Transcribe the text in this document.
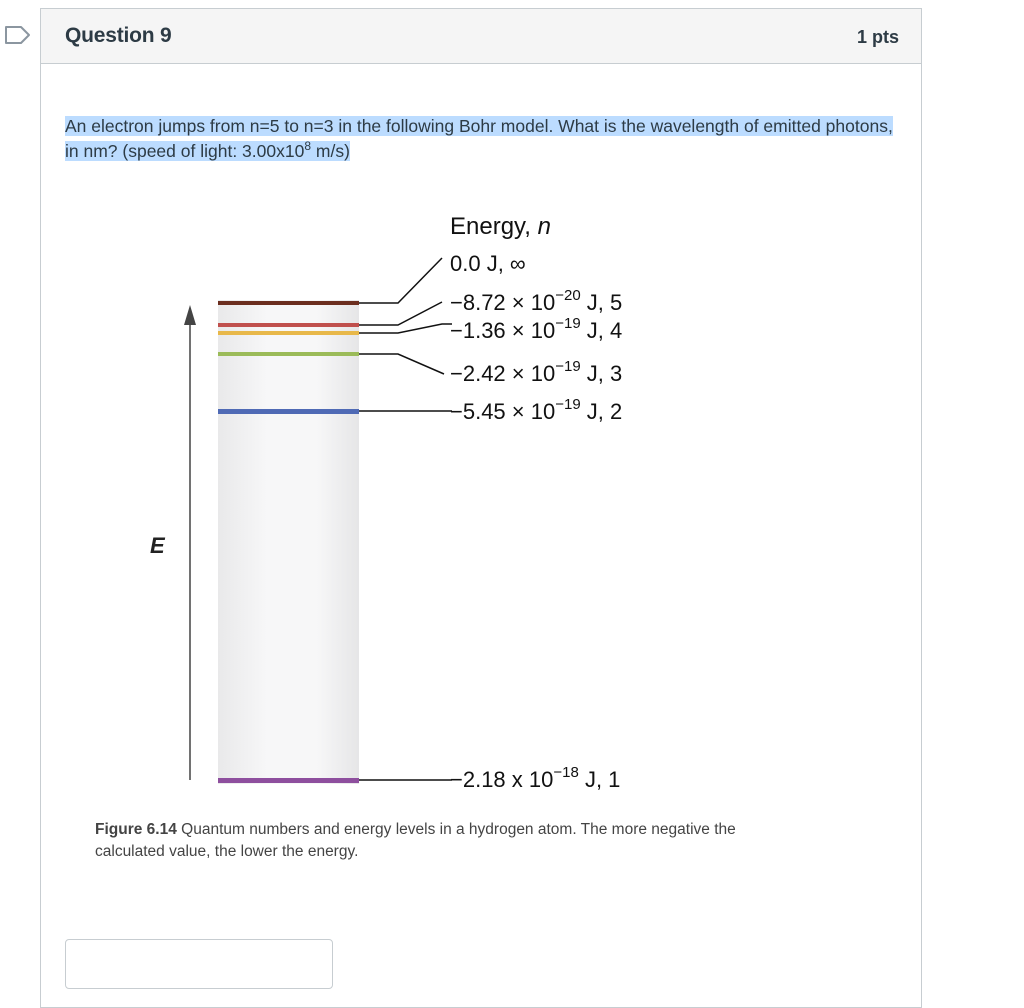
Question 9	1 pts
An electron jumps from n=5 to n=3 in the following Bohr model. What is the wavelength of emitted photons, in nm? (speed of light: $3.00x10^8$ m/s)
E
Energy, n
0.0 J, ∞
$-8.72 \times 10^{-20}$ J, 5
$-1.36 \times 10^{-19}$ J, 4
$-2.42 \times 10^{-19}$ J, 3
$-5.45 \times 10^{-19}$ J, 2
−2.18 x $10^{-18}$ J, 1
Figure 6.14 Quantum numbers and energy levels in a hydrogen atom. The more negative the calculated value, the lower the energy.
